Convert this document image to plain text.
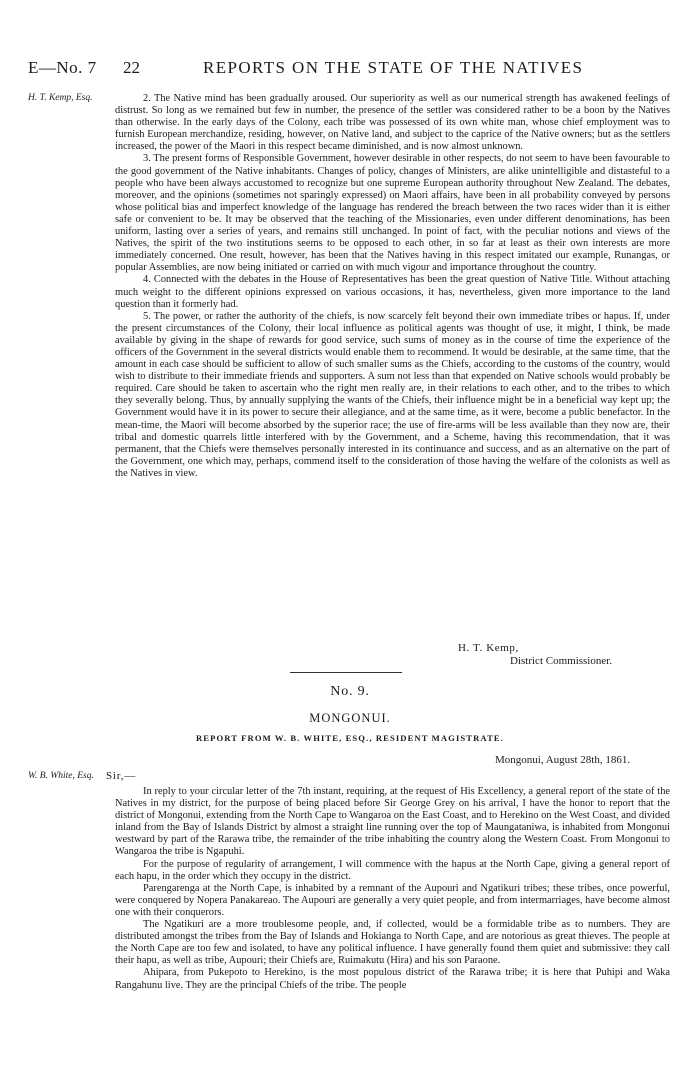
E—No. 7 22	REPORTS ON THE STATE OF THE NATIVES
H. T. Kemp, Esq.	2. The Native mind has been gradually aroused. Our superiority as well as our numerical strength has awakened feelings of distrust. So long as we remained but few in number, the presence of the settler was considered rather to be a boon by the Natives than otherwise. In the early days of the Colony, each tribe was possessed of its own white man, whose chief employment was to furnish European merchandize, residing, however, on Native land, and subject to the caprice of the Native owners; but as the settlers increased, the power of the Maori in this respect became diminished, and is now almost unknown.

3. The present forms of Responsible Government, however desirable in other respects, do not seem to have been favourable to the good government of the Native inhabitants. Changes of policy, changes of Ministers, are alike unintelligible and distasteful to a people who have been always accustomed to recognize but one supreme European authority throughout New Zealand. The debates, moreover, and the opinions (sometimes not sparingly expressed) on Maori affairs, have been in all probability conveyed by persons whose political bias and imperfect knowledge of the language has rendered the breach between the two races wider than it is either safe or convenient to be. It may be observed that the teaching of the Missionaries, even under different denominations, has been uniform, lasting over a series of years, and remains still unchanged. In point of fact, with the peculiar notions and views of the Natives, the spirit of the two institutions seems to be opposed to each other, in so far at least as their own interests are more immediately concerned. One result, however, has been that the Natives having in this respect imitated our example, Runangas, or popular Assemblies, are now being initiated or carried on with much vigour and importance throughout the country.

4. Connected with the debates in the House of Representatives has been the great question of Native Title. Without attaching much weight to the different opinions expressed on various occasions, it has, nevertheless, given more importance to the land question than it formerly had.

5. The power, or rather the authority of the chiefs, is now scarcely felt beyond their own immediate tribes or hapus. If, under the present circumstances of the Colony, their local influence as political agents was thought of use, it might, I think, be made available by giving in the shape of rewards for good service, such sums of money as in the course of time the experience of the officers of the Government in the several districts would enable them to recommend. It would be desirable, at the same time, that the amount in each case should be sufficient to allow of such smaller sums as the Chiefs, according to the customs of the country, would wish to distribute to their immediate friends and supporters. A sum not less than that expended on Native schools would probably be required. Care should be taken to ascertain who the right men really are, in their relations to each other, and to the tribes to which they severally belong. Thus, by annually supplying the wants of the Chiefs, their influence might be in a beneficial way kept up; the Government would have it in its power to secure their allegiance, and at the same time, as it were, become a public benefactor. In the mean-time, the Maori will become absorbed by the superior race; the use of fire-arms will be less available than they now are, their tribal and domestic quarrels little interfered with by the Government, and a Scheme, having this recommendation, that it was permanent, that the Chiefs were themselves personally interested in its continuance and success, and as an alternative on the part of the Government, one which may, perhaps, commend itself to the consideration of those having the welfare of the colonists as well as the Natives in view.

H. T. Kemp,
District Commissioner.
No. 9.
MONGONUI.
REPORT FROM W. B. WHITE, ESQ., RESIDENT MAGISTRATE.
Mongonui, August 28th, 1861.
W. B. White, Esq. Sir,—

In reply to your circular letter of the 7th instant, requiring, at the request of His Excellency, a general report of the state of the Natives in my district, for the purpose of being placed before Sir George Grey on his arrival, I have the honor to report that the district of Mongonui, extending from the North Cape to Wangaroa on the East Coast, and to Herekino on the West Coast, and divided inland from the Bay of Islands District by almost a straight line running over the top of Maungataniwa, is inhabited from Mongonui westward by part of the Rarawa tribe, the remainder of the tribe inhabiting the country along the Western Coast. From Mongonui to Wangaroa the tribe is Ngapuhi.

For the purpose of regularity of arrangement, I will commence with the hapus at the North Cape, giving a general report of each hapu, in the order which they occupy in the district.

Parengarenga at the North Cape, is inhabited by a remnant of the Aupouri and Ngatikuri tribes; these tribes, once powerful, were conquered by Nopera Panakareao. The Aupouri are generally a very quiet people, and from intermarriages, have become almost one with their conquerors.

The Ngatikuri are a more troublesome people, and, if collected, would be a formidable tribe as to numbers. They are distributed amongst the tribes from the Bay of Islands and Hokianga to North Cape, and are notorious as great thieves. The people at the North Cape are too few and isolated, to have any political influence. I have generally found them quiet and submissive: they call their hapu, as well as tribe, Aupouri; their Chiefs are, Ruimakutu (Hira) and his son Paraone.

Ahipara, from Pukepoto to Herekino, is the most populous district of the Rarawa tribe; it is here that Puhipi and Waka Rangahunu live. They are the principal Chiefs of the tribe. The people
